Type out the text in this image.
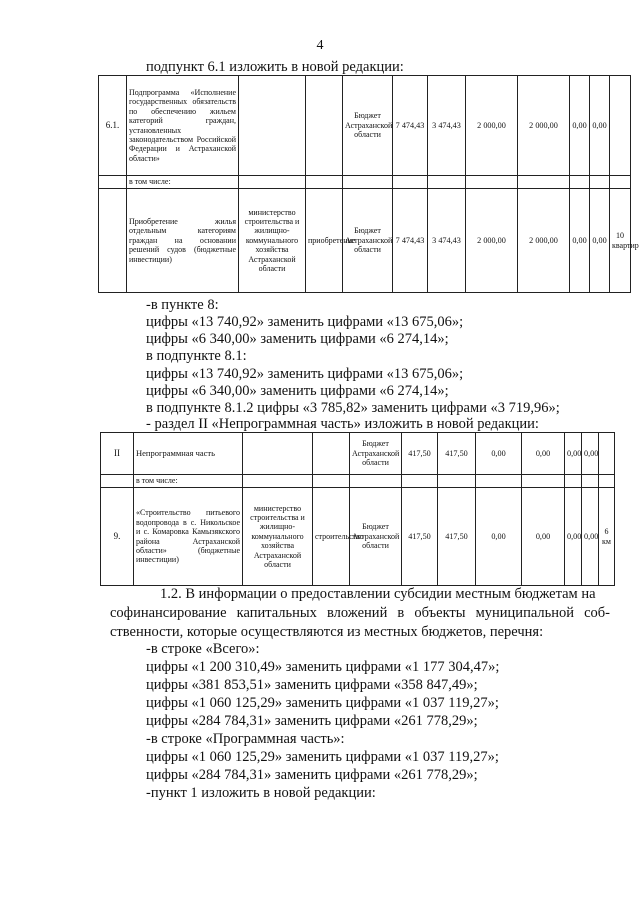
4
подпункт 6.1 изложить в новой редакции:
6.1.	Подпрограмма «Исполнение государственных обязательств по обеспечению жильем категорий граждан, установленных законодательством Российской Федерации и Астраханской области»			Бюджет Астраханской области	7 474,43	3 474,43	2 000,00	2 000,00	0,00	0,00	
	в том числе:										
	Приобретение жилья отдельным категориям граждан на основании решений судов (бюджетные инвестиции)	министерство строительства и жилищно-коммунального хозяйства Астраханской области	приобретение	Бюджет Астраханской области	7 474,43	3 474,43	2 000,00	2 000,00	0,00	0,00	10 квартир
-в пункте 8:
цифры «13 740,92» заменить цифрами «13 675,06»;
цифры «6 340,00» заменить цифрами «6 274,14»;
в подпункте 8.1:
цифры «13 740,92» заменить цифрами «13 675,06»;
цифры «6 340,00» заменить цифрами «6 274,14»;
в подпункте 8.1.2 цифры «3 785,82» заменить цифрами «3 719,96»;
- раздел II «Непрограммная часть» изложить в новой редакции:
II	Непрограммная часть			Бюджет Астраханской области	417,50	417,50	0,00	0,00	0,00	0,00	
	в том числе:										
9.	«Строительство питьевого водопровода в с. Никольское и с. Комаровка Камызякского района Астраханской области» (бюджетные инвестиции)	министерство строительства и жилищно-коммунального хозяйства Астраханской области	строительство	Бюджет Астраханской области	417,50	417,50	0,00	0,00	0,00	0,00	6 км
1.2. В информации о предоставлении субсидии местным бюджетам на
софинансирование капитальных вложений в объекты муниципальной соб-
ственности, которые осуществляются из местных бюджетов, перечня:
-в строке «Всего»:
цифры «1 200 310,49» заменить цифрами «1 177 304,47»;
цифры «381 853,51» заменить цифрами «358 847,49»;
цифры «1 060 125,29» заменить цифрами «1 037 119,27»;
цифры «284 784,31» заменить цифрами «261 778,29»;
-в строке «Программная часть»:
цифры «1 060 125,29» заменить цифрами «1 037 119,27»;
цифры «284 784,31» заменить цифрами «261 778,29»;
-пункт 1 изложить в новой редакции:
